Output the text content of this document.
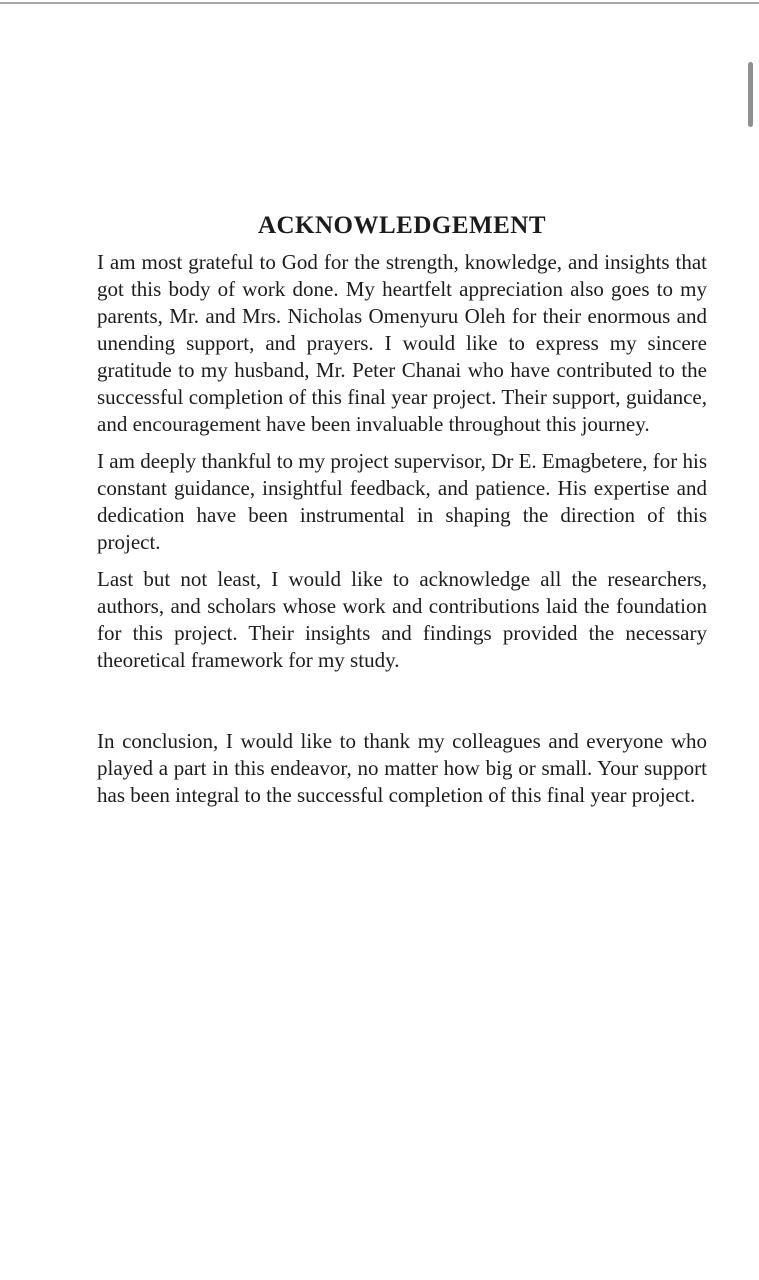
ACKNOWLEDGEMENT

I am most grateful to God for the strength, knowledge, and insights that got this body of work done. My heartfelt appreciation also goes to my parents, Mr. and Mrs. Nicholas Omenyuru Oleh for their enormous and unending support, and prayers. I would like to express my sincere gratitude to my husband, Mr. Peter Chanai who have contributed to the successful completion of this final year project. Their support, guidance, and encouragement have been invaluable throughout this journey.

I am deeply thankful to my project supervisor, Dr E. Emagbetere, for his constant guidance, insightful feedback, and patience. His expertise and dedication have been instrumental in shaping the direction of this project.

Last but not least, I would like to acknowledge all the researchers, authors, and scholars whose work and contributions laid the foundation for this project. Their insights and findings provided the necessary theoretical framework for my study.

In conclusion, I would like to thank my colleagues and everyone who played a part in this endeavor, no matter how big or small. Your support has been integral to the successful completion of this final year project.
